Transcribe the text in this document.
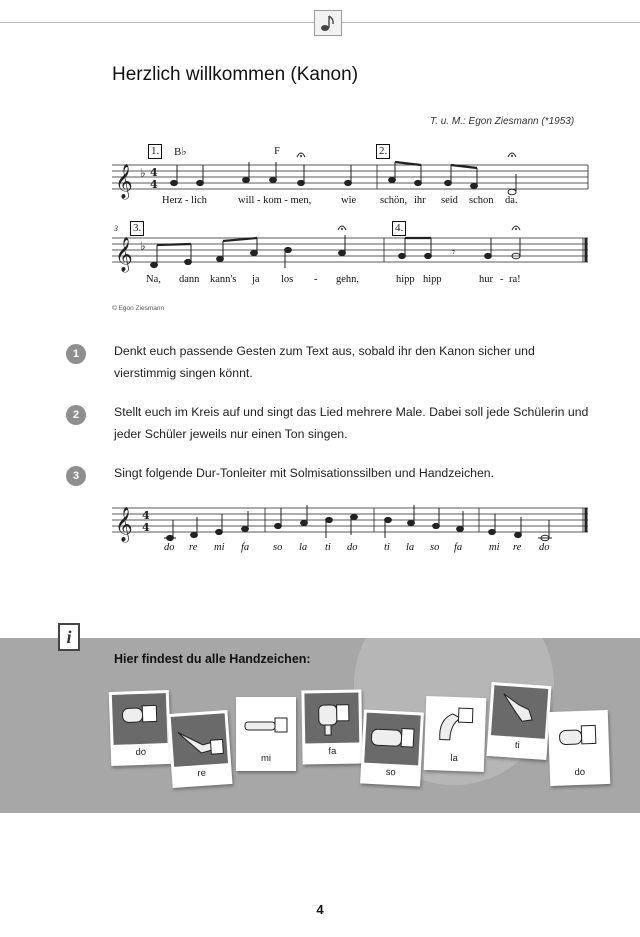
Herzlich willkommen (Kanon)
T. u. M.: Egon Ziesmann (*1953)
𝄞 ♭ 4
4
1.	2.
B♭	F
Herz - lich	will - kom - men,	wie schön, ihr seid schon da.
𝄞 ♭	𝄾
3 3.	4.
Na, dann kann's ja los - gehn,	hipp hipp	hur - ra!
© Egon Ziesmann
1	Denkt euch passende Gesten zum Text aus, sobald ihr den Kanon sicher und vierstimmig singen könnt.
2	Stellt euch im Kreis auf und singt das Lied mehrere Male. Dabei soll jede Schülerin und jeder Schüler jeweils nur einen Ton singen.
3	Singt folgende Dur-Tonleiter mit Solmisationssilben und Handzeichen.
𝄞 4
4
do re mi fa so la ti do	ti la so fa	mi re do
i
Hier findest du alle Handzeichen:
do
re
mi
fa
so
la
ti
do
4
